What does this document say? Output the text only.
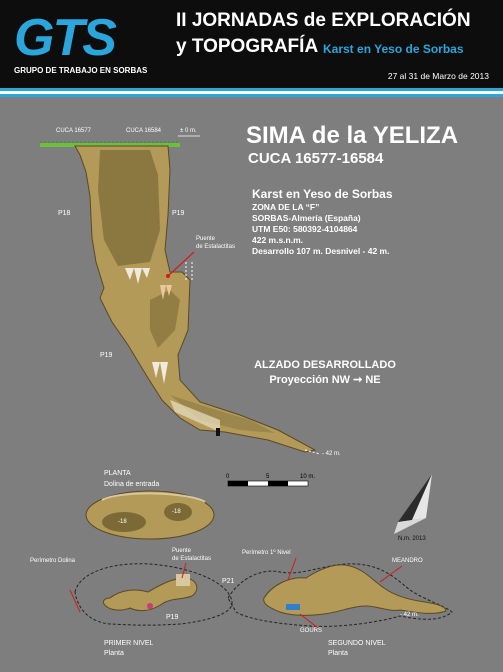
GTS
GRUPO DE TRABAJO EN SORBAS
II JORNADAS de EXPLORACIÓN
y TOPOGRAFÍA Karst en Yeso de Sorbas
27 al 31 de Marzo de 2013
SIMA de la YELIZA
CUCA 16577-16584
Karst en Yeso de Sorbas
ZONA DE LA “F”
SORBAS-Almería (España)
UTM E50: 580392-4104864
422 m.s.n.m.
Desarrollo 107 m. Desnivel - 42 m.
ALZADO DESARROLLADO
Proyección NW ➞ NE
CUCA 16577	CUCA 16584	± 0 m.
P18	P19
P19
Puente
de Estalactitas
- 42 m.
0	5	10 m.
N.m. 2013
PLANTA
Dolina de entrada
-18
-18
Perímetro Dolina
Puente
de Estalactitas
P21
P19
PRIMER NIVEL
Planta
Perímetro 1º Nivel
MEANDRO
GOURS
- 42 m.
SEGUNDO NIVEL
Planta
